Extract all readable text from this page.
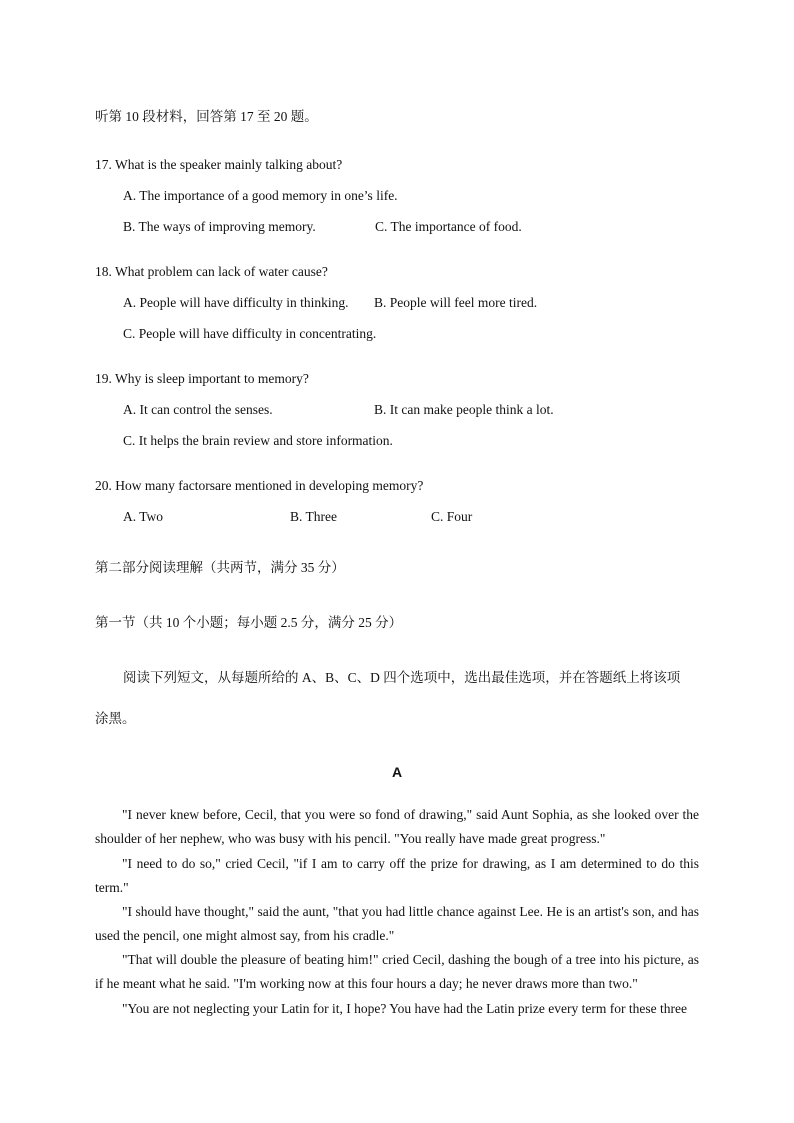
听第 10 段材料，回答第 17 至 20 题。
17. What is the speaker mainly talking about?
A. The importance of a good memory in one’s life.
B. The ways of improving memory.	C. The importance of food.
18. What problem can lack of water cause?
A. People will have difficulty in thinking. B. People will feel more tired.
C. People will have difficulty in concentrating.
19. Why is sleep important to memory?
A. It can control the senses.	B. It can make people think a lot.
C. It helps the brain review and store information.
20. How many factorsare mentioned in developing memory?
A. Two	B. Three	C. Four
第二部分阅读理解（共两节，满分 35 分）
第一节（共 10 个小题；每小题 2.5 分，满分 25 分）
阅读下列短文，从每题所给的 A、B、C、D 四个选项中，选出最佳选项，并在答题纸上将该项
涂黑。
A
"I never knew before, Cecil, that you were so fond of drawing," said Aunt Sophia, as she looked over the shoulder of her nephew, who was busy with his pencil. "You really have made great progress."
"I need to do so," cried Cecil, "if I am to carry off the prize for drawing, as I am determined to do this term."
"I should have thought," said the aunt, "that you had little chance against Lee. He is an artist's son, and has used the pencil, one might almost say, from his cradle."
"That will double the pleasure of beating him!" cried Cecil, dashing the bough of a tree into his picture, as if he meant what he said. "I'm working now at this four hours a day; he never draws more than two."
"You are not neglecting your Latin for it, I hope? You have had the Latin prize every term for these three
